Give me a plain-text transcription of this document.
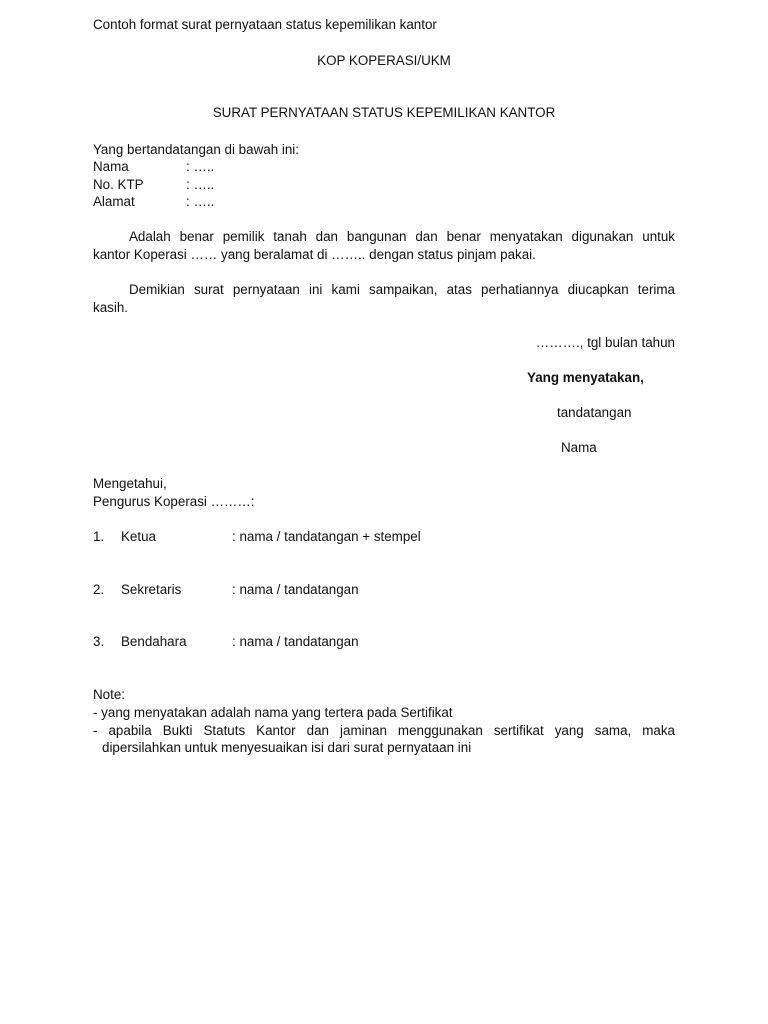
Contoh format surat pernyataan status kepemilikan kantor
KOP KOPERASI/UKM
SURAT PERNYATAAN STATUS KEPEMILIKAN KANTOR
Yang bertandatangan di bawah ini:
Nama	: …..
No. KTP	: …..
Alamat	: …..
Adalah benar pemilik tanah dan bangunan dan benar menyatakan digunakan untuk
kantor Koperasi …… yang beralamat di …….. dengan status pinjam pakai.
Demikian surat pernyataan ini kami sampaikan, atas perhatiannya diucapkan terima
kasih.
………., tgl bulan tahun
Yang menyatakan,
tandatangan
Nama
Mengetahui,
Pengurus Koperasi ………:
1. Ketua	: nama / tandatangan + stempel
2. Sekretaris	: nama / tandatangan
3. Bendahara	: nama / tandatangan
Note:
- yang menyatakan adalah nama yang tertera pada Sertifikat
- apabila Bukti Statuts Kantor dan jaminan menggunakan sertifikat yang sama, maka
dipersilahkan untuk menyesuaikan isi dari surat pernyataan ini
